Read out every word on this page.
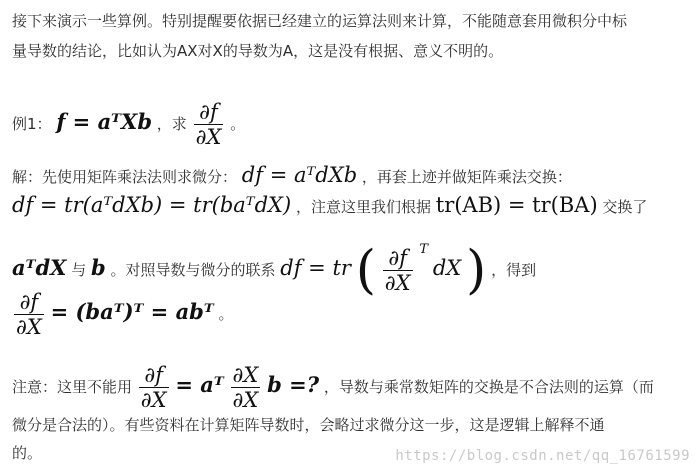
接下来演示一些算例。特别提醒要依据已经建立的运算法则来计算，不能随意套用微积分中标
量导数的结论，比如认为AX对X的导数为A，这是没有根据、意义不明的。
例1： f = aᵀXb ，求 $\frac{\partial f}{\partial X}$ 。
解：先使用矩阵乘法法则求微分： df = aᵀdXb ，再套上迹并做矩阵乘法交换：
df = tr(aᵀdXb) = tr(baᵀdX) ，注意这里我们根据 tr(AB) = tr(BA) 交换了
aᵀdX 与 b 。对照导数与微分的联系 df = tr ( $\frac{\partial f}{\partial X} ^T$ dX ) ，得到
$\frac{\partial f}{\partial X}$ = (baᵀ)ᵀ = abᵀ 。
注意：这里不能用 $\frac{\partial f}{\partial X}$ = aᵀ $\frac{\partial X}{\partial X}$ b =? ，导数与乘常数矩阵的交换是不合法则的运算（而
微分是合法的）。有些资料在计算矩阵导数时，会略过求微分这一步，这是逻辑上解释不通
的。	https://blog.csdn.net/qq_16761599
